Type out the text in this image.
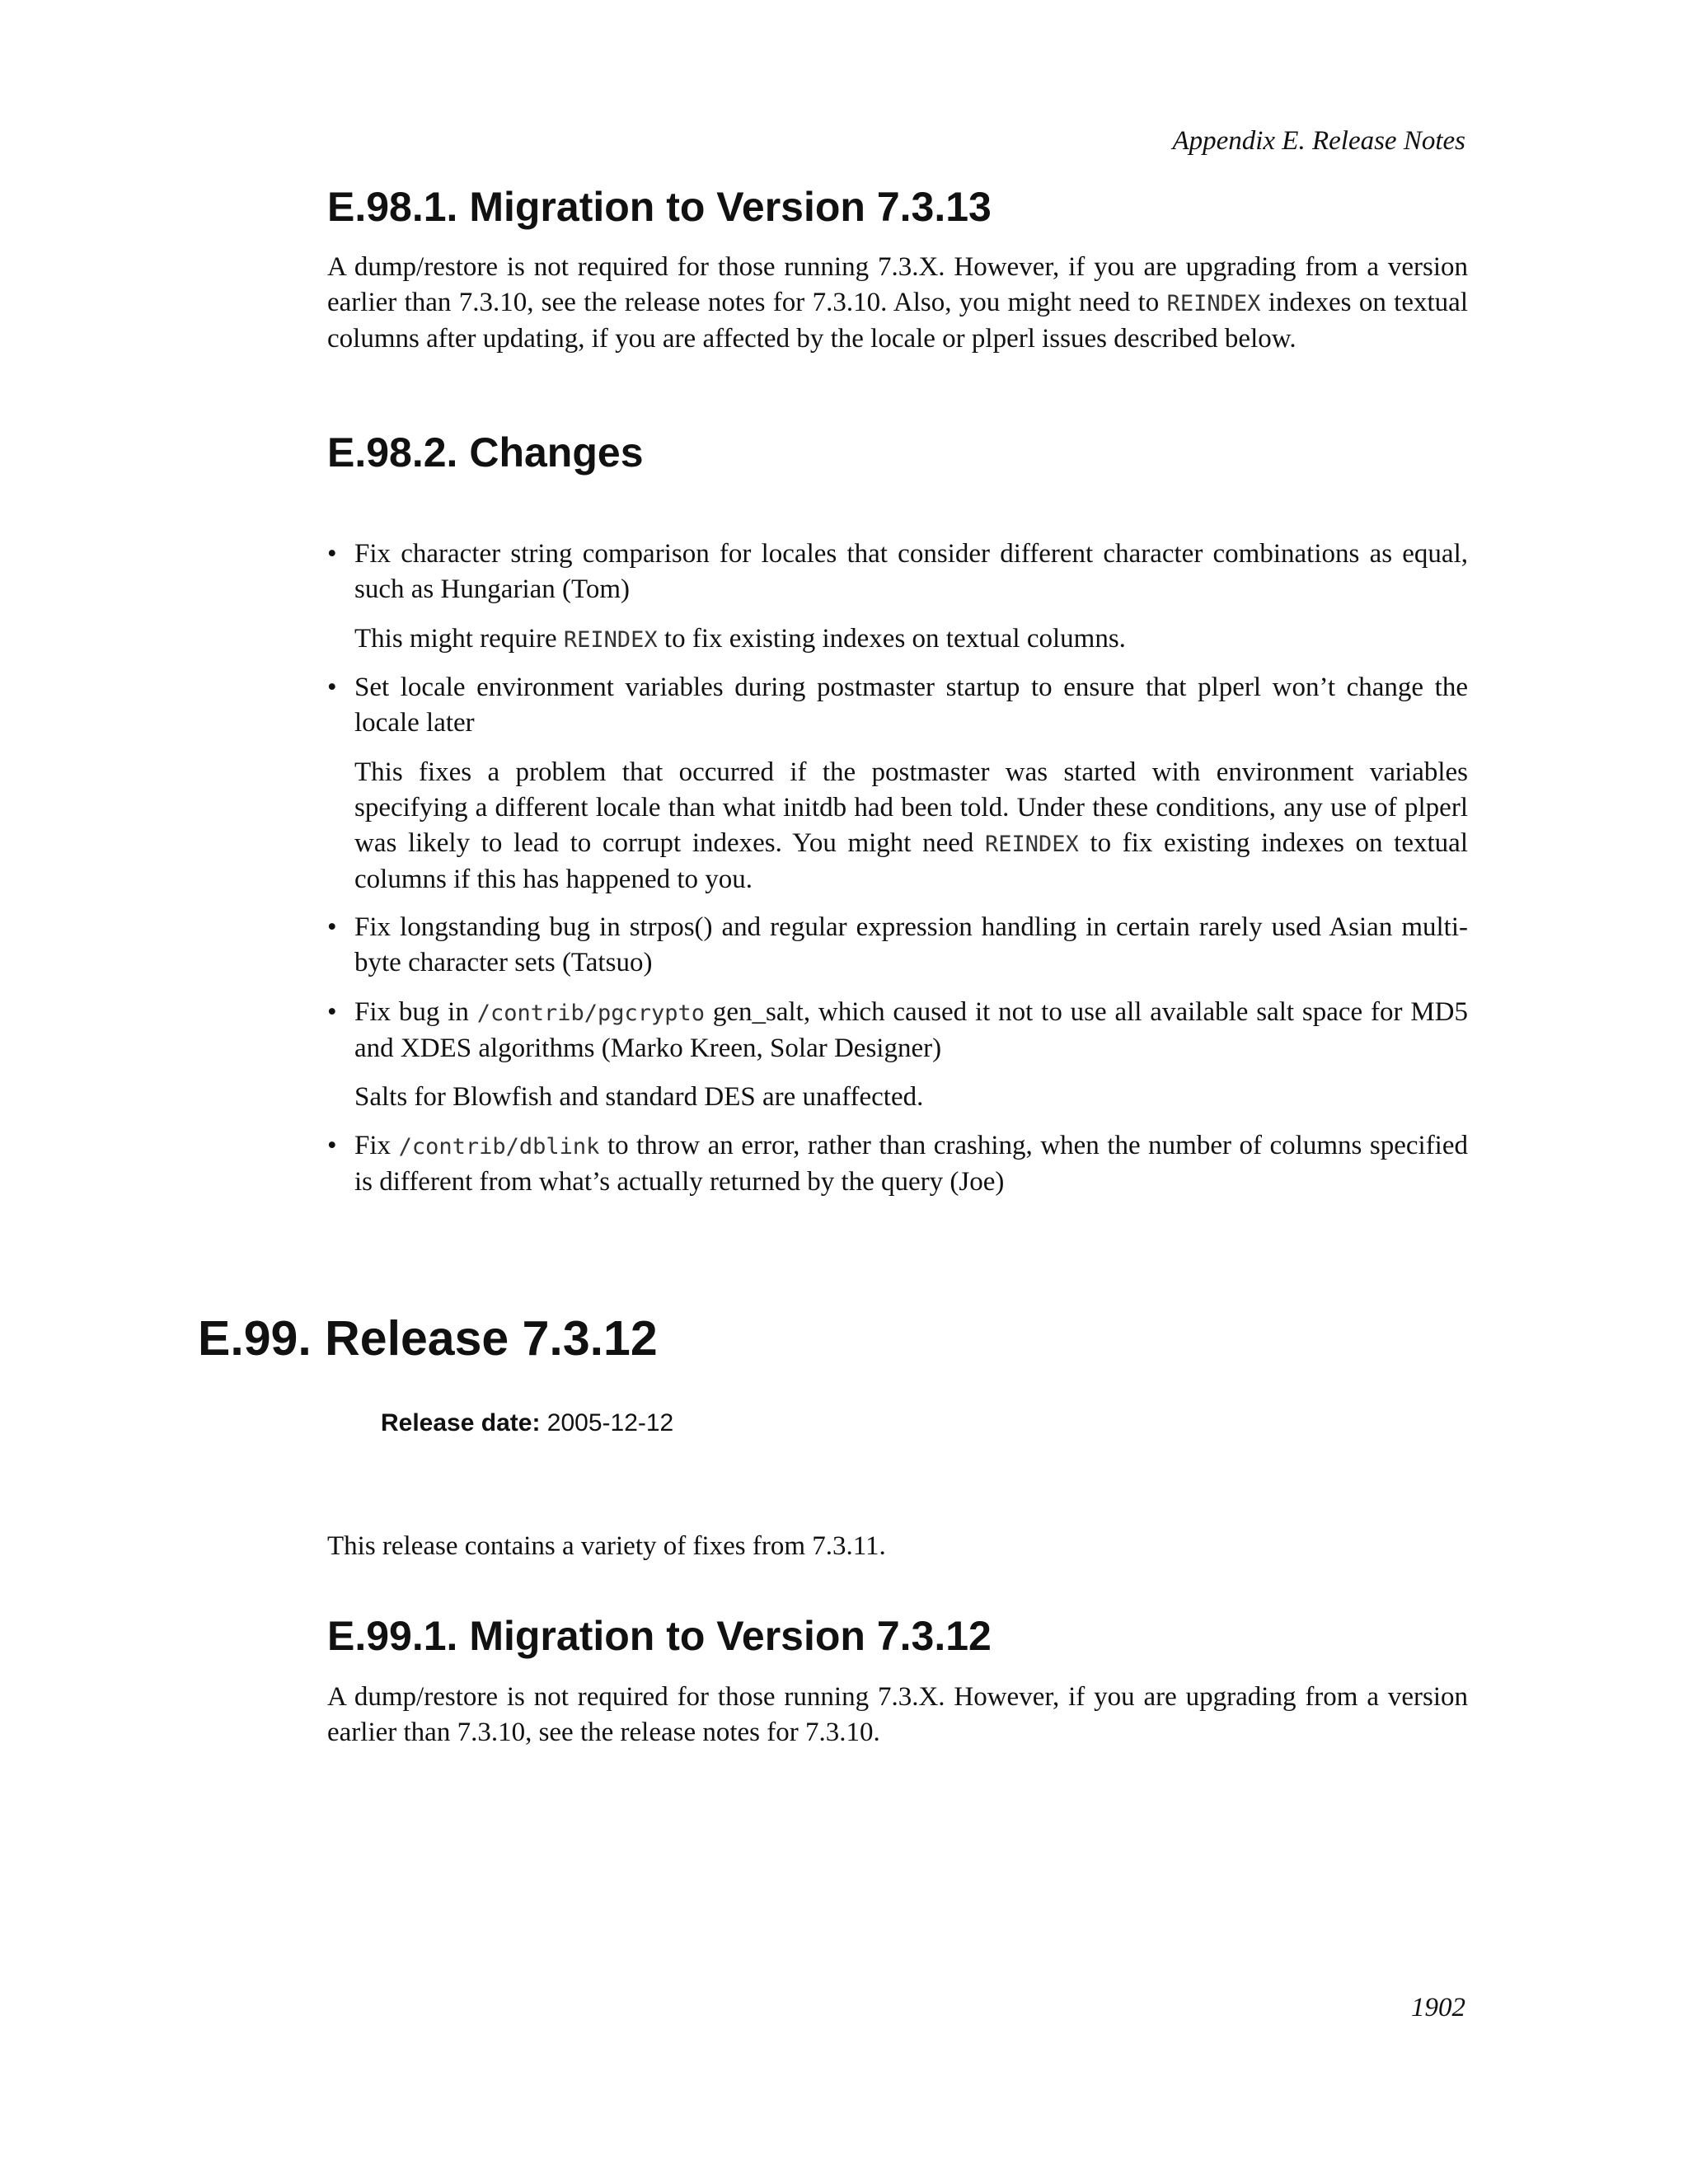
Appendix E. Release Notes
E.98.1. Migration to Version 7.3.13

A dump/restore is not required for those running 7.3.X. However, if you are upgrading from a version earlier than 7.3.10, see the release notes for 7.3.10. Also, you might need to REINDEX indexes on textual columns after updating, if you are affected by the locale or plperl issues described below.

E.98.2. Changes
• Fix character string comparison for locales that consider different character combinations as equal, such as Hungarian (Tom)

This might require REINDEX to fix existing indexes on textual columns.

• Set locale environment variables during postmaster startup to ensure that plperl won’t change the locale later

This fixes a problem that occurred if the postmaster was started with environment variables specifying a different locale than what initdb had been told. Under these conditions, any use of plperl was likely to lead to corrupt indexes. You might need REINDEX to fix existing indexes on textual columns if this has happened to you.

• Fix longstanding bug in strpos() and regular expression handling in certain rarely used Asian multi-byte character sets (Tatsuo)

• Fix bug in /contrib/pgcrypto gen_salt, which caused it not to use all available salt space for MD5 and XDES algorithms (Marko Kreen, Solar Designer)

Salts for Blowfish and standard DES are unaffected.

• Fix /contrib/dblink to throw an error, rather than crashing, when the number of columns specified is different from what’s actually returned by the query (Joe)

E.99. Release 7.3.12
Release date: 2005-12-12

This release contains a variety of fixes from 7.3.11.

E.99.1. Migration to Version 7.3.12

A dump/restore is not required for those running 7.3.X. However, if you are upgrading from a version earlier than 7.3.10, see the release notes for 7.3.10.

1902
